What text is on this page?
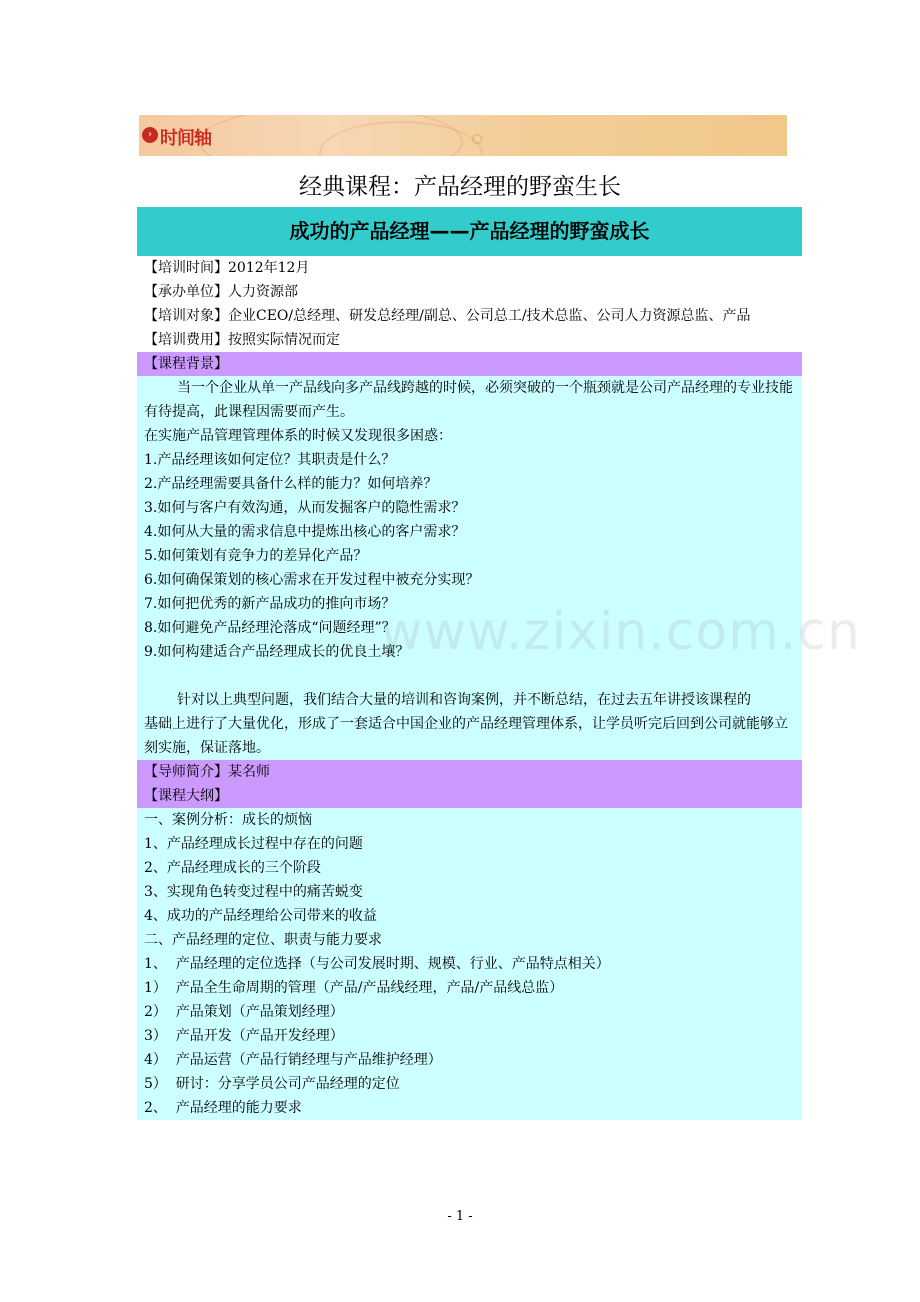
› 时间轴
经典课程：产品经理的野蛮生长
成功的产品经理——产品经理的野蛮成长
【培训时间】2012年12月
【承办单位】人力资源部
【培训对象】企业CEO/总经理、研发总经理/副总、公司总工/技术总监、公司人力资源总监、产品
【培训费用】按照实际情况而定
【课程背景】
当一个企业从单一产品线向多产品线跨越的时候，必须突破的一个瓶颈就是公司产品经理的专业技能有待提高，此课程因需要而产生。
在实施产品管理管理体系的时候又发现很多困惑：
1.产品经理该如何定位？其职责是什么？
2.产品经理需要具备什么样的能力？如何培养？
3.如何与客户有效沟通，从而发掘客户的隐性需求？
4.如何从大量的需求信息中提炼出核心的客户需求？
5.如何策划有竞争力的差异化产品？
6.如何确保策划的核心需求在开发过程中被充分实现？
7.如何把优秀的新产品成功的推向市场？
8.如何避免产品经理沦落成“问题经理”？
9.如何构建适合产品经理成长的优良土壤？

针对以上典型问题，我们结合大量的培训和咨询案例，并不断总结，在过去五年讲授该课程的
基础上进行了大量优化，形成了一套适合中国企业的产品经理管理体系，让学员听完后回到公司就能够立刻实施，保证落地。
【导师简介】某名师
【课程大纲】
一、案例分析：成长的烦恼
1、产品经理成长过程中存在的问题
2、产品经理成长的三个阶段
3、实现角色转变过程中的痛苦蜕变
4、成功的产品经理给公司带来的收益
二、产品经理的定位、职责与能力要求
1、  产品经理的定位选择（与公司发展时期、规模、行业、产品特点相关）
1）  产品全生命周期的管理（产品/产品线经理，产品/产品线总监）
2）  产品策划（产品策划经理）
3）  产品开发（产品开发经理）
4）  产品运营（产品行销经理与产品维护经理）
5）  研讨：分享学员公司产品经理的定位
2、  产品经理的能力要求
www.zixin.com.cn
- 1 -
